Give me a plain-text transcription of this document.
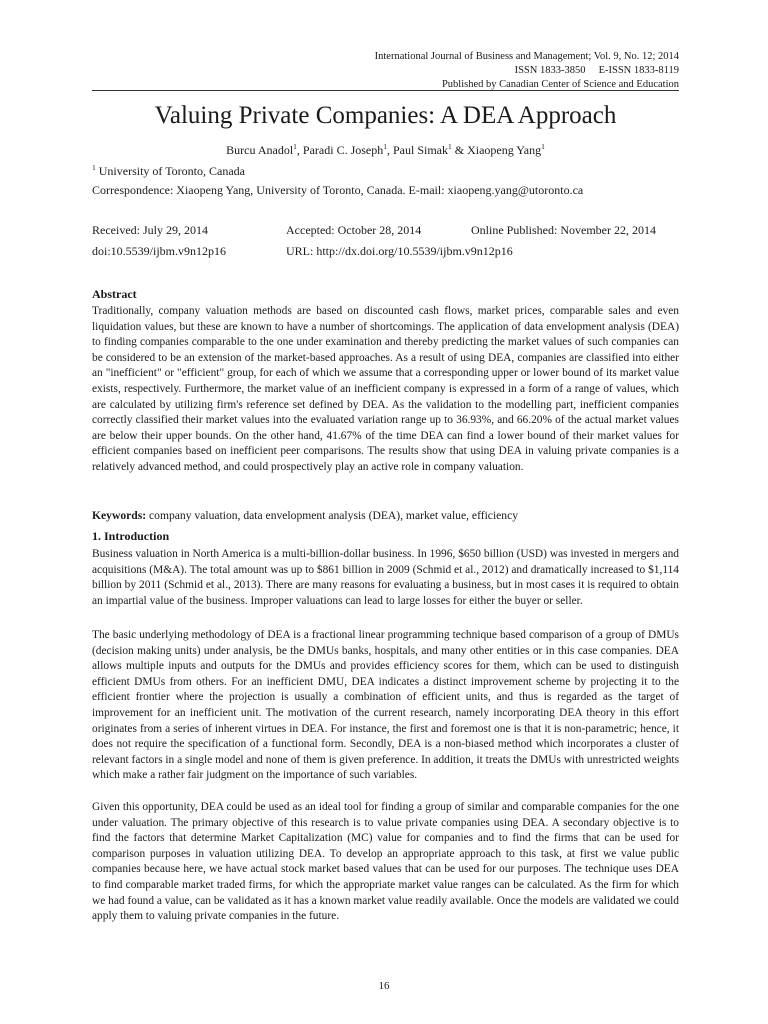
International Journal of Business and Management; Vol. 9, No. 12; 2014
ISSN 1833-3850     E-ISSN 1833-8119
Published by Canadian Center of Science and Education
Valuing Private Companies: A DEA Approach
Burcu Anadol$^1$, Paradi C. Joseph$^1$, Paul Simak$^1$ & Xiaopeng Yang$^1$
$^1$ University of Toronto, Canada
Correspondence: Xiaopeng Yang, University of Toronto, Canada. E-mail: xiaopeng.yang@utoronto.ca
Received: July 29, 2014	Accepted: October 28, 2014	Online Published: November 22, 2014
doi:10.5539/ijbm.v9n12p16	URL: http://dx.doi.org/10.5539/ijbm.v9n12p16
Abstract

Traditionally, company valuation methods are based on discounted cash flows, market prices, comparable sales and even liquidation values, but these are known to have a number of shortcomings. The application of data envelopment analysis (DEA) to finding companies comparable to the one under examination and thereby predicting the market values of such companies can be considered to be an extension of the market-based approaches. As a result of using DEA, companies are classified into either an "inefficient" or "efficient" group, for each of which we assume that a corresponding upper or lower bound of its market value exists, respectively. Furthermore, the market value of an inefficient company is expressed in a form of a range of values, which are calculated by utilizing firm's reference set defined by DEA. As the validation to the modelling part, inefficient companies correctly classified their market values into the evaluated variation range up to 36.93%, and 66.20% of the actual market values are below their upper bounds. On the other hand, 41.67% of the time DEA can find a lower bound of their market values for efficient companies based on inefficient peer comparisons. The results show that using DEA in valuing private companies is a relatively advanced method, and could prospectively play an active role in company valuation.

Keywords: company valuation, data envelopment analysis (DEA), market value, efficiency
1. Introduction

Business valuation in North America is a multi-billion-dollar business. In 1996, $650 billion (USD) was invested in mergers and acquisitions (M&A). The total amount was up to $861 billion in 2009 (Schmid et al., 2012) and dramatically increased to $1,114 billion by 2011 (Schmid et al., 2013). There are many reasons for evaluating a business, but in most cases it is required to obtain an impartial value of the business. Improper valuations can lead to large losses for either the buyer or seller.

The basic underlying methodology of DEA is a fractional linear programming technique based comparison of a group of DMUs (decision making units) under analysis, be the DMUs banks, hospitals, and many other entities or in this case companies. DEA allows multiple inputs and outputs for the DMUs and provides efficiency scores for them, which can be used to distinguish efficient DMUs from others. For an inefficient DMU, DEA indicates a distinct improvement scheme by projecting it to the efficient frontier where the projection is usually a combination of efficient units, and thus is regarded as the target of improvement for an inefficient unit. The motivation of the current research, namely incorporating DEA theory in this effort originates from a series of inherent virtues in DEA. For instance, the first and foremost one is that it is non-parametric; hence, it does not require the specification of a functional form. Secondly, DEA is a non-biased method which incorporates a cluster of relevant factors in a single model and none of them is given preference. In addition, it treats the DMUs with unrestricted weights which make a rather fair judgment on the importance of such variables.

Given this opportunity, DEA could be used as an ideal tool for finding a group of similar and comparable companies for the one under valuation. The primary objective of this research is to value private companies using DEA. A secondary objective is to find the factors that determine Market Capitalization (MC) value for companies and to find the firms that can be used for comparison purposes in valuation utilizing DEA. To develop an appropriate approach to this task, at first we value public companies because here, we have actual stock market based values that can be used for our purposes. The technique uses DEA to find comparable market traded firms, for which the appropriate market value ranges can be calculated. As the firm for which we had found a value, can be validated as it has a known market value readily available. Once the models are validated we could apply them to valuing private companies in the future.

16
